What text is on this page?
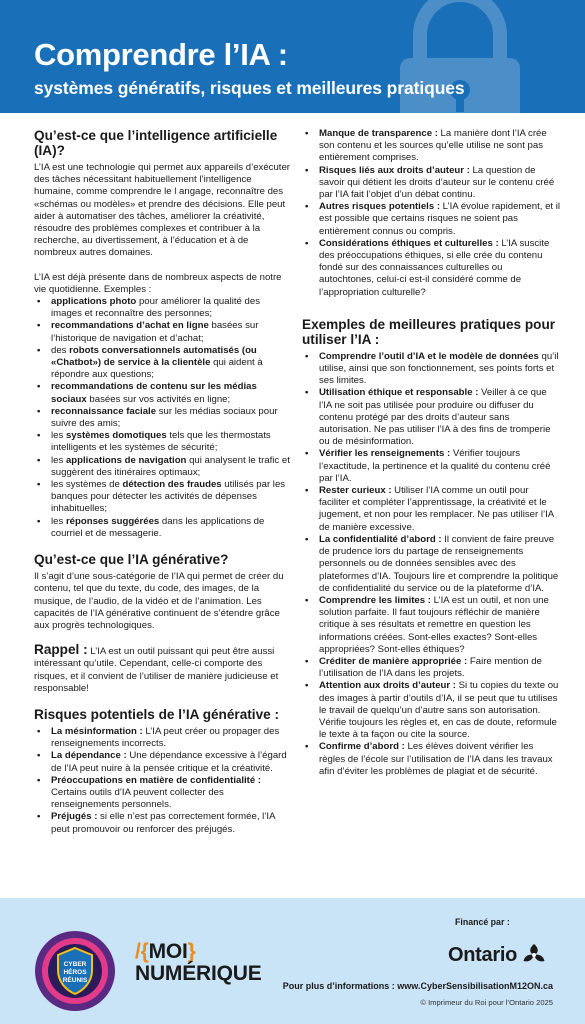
Comprendre l’IA :
systèmes génératifs, risques et meilleures pratiques
Qu’est-ce que l’intelligence artificielle (IA)?

L’IA est une technologie qui permet aux appareils d’exécuter des tâches nécessitant habituellement l’intelligence humaine, comme comprendre le l angage, reconnaître des «schémas ou modèles» et prendre des décisions. Elle peut aider à automatiser des tâches, améliorer la créativité, résoudre des problèmes complexes et contribuer à la recherche, au divertissement, à l’éducation et à de nombreux autres domaines.

L’IA est déjà présente dans de nombreux aspects de notre vie quotidienne. Exemples :

• applications photo pour améliorer la qualité des images et reconnaître des personnes;
• recommandations d’achat en ligne basées sur l’historique de navigation et d’achat;
• des robots conversationnels automatisés (ou «Chatbot») de service à la clientèle qui aident à répondre aux questions;
• recommandations de contenu sur les médias sociaux basées sur vos activités en ligne;
• reconnaissance faciale sur les médias sociaux pour suivre des amis;
• les systèmes domotiques tels que les thermostats intelligents et les systèmes de sécurité;
• les applications de navigation qui analysent le trafic et suggèrent des itinéraires optimaux;
• les systèmes de détection des fraudes utilisés par les banques pour détecter les activités de dépenses inhabituelles;
• les réponses suggérées dans les applications de courriel et de messagerie.
Qu’est-ce que l’IA générative?

Il s’agit d’une sous-catégorie de l’IA qui permet de créer du contenu, tel que du texte, du code, des images, de la musique, de l’audio, de la vidéo et de l’animation. Les capacités de l’IA générative continuent de s’étendre grâce aux progrès technologiques.

Rappel : L’IA est un outil puissant qui peut être aussi intéressant qu’utile. Cependant, celle-ci comporte des risques, et il convient de l’utiliser de manière judicieuse et responsable!

Risques potentiels de l’IA générative :
• La mésinformation : L’IA peut créer ou propager des renseignements incorrects.
• La dépendance : Une dépendance excessive à l’égard de l’IA peut nuire à la pensée critique et la créativité.
• Préoccupations en matière de confidentialité : Certains outils d’IA peuvent collecter des renseignements personnels.
• Préjugés : si elle n’est pas correctement formée, l’IA peut promouvoir ou renforcer des préjugés.
• Manque de transparence : La manière dont l’IA crée son contenu et les sources qu’elle utilise ne sont pas entièrement comprises.
• Risques liés aux droits d’auteur : La question de savoir qui détient les droits d’auteur sur le contenu créé par l’IA fait l’objet d’un débat continu.
• Autres risques potentiels : L’IA évolue rapidement, et il est possible que certains risques ne soient pas entièrement connus ou compris.
• Considérations éthiques et culturelles : L’IA suscite des préoccupations éthiques, si elle crée du contenu fondé sur des connaissances culturelles ou autochtones, celui-ci est-il considéré comme de l’appropriation culturelle?
Exemples de meilleures pratiques pour utiliser l’IA :
• Comprendre l’outil d’IA et le modèle de données qu’il utilise, ainsi que son fonctionnement, ses points forts et ses limites.
• Utilisation éthique et responsable : Veiller à ce que l’IA ne soit pas utilisée pour produire ou diffuser du contenu protégé par des droits d’auteur sans autorisation. Ne pas utiliser l’IA à des fins de tromperie ou de mésinformation.
• Vérifier les renseignements : Vérifier toujours l’exactitude, la pertinence et la qualité du contenu créé par l’IA.
• Rester curieux : Utiliser l’IA comme un outil pour faciliter et compléter l’apprentissage, la créativité et le jugement, et non pour les remplacer. Ne pas utiliser l’IA de manière excessive.
• La confidentialité d’abord : Il convient de faire preuve de prudence lors du partage de renseignements personnels ou de données sensibles avec des plateformes d’IA. Toujours lire et comprendre la politique de confidentialité du service ou de la plateforme d’IA.
• Comprendre les limites : L’IA est un outil, et non une solution parfaite. Il faut toujours réfléchir de manière critique à ses résultats et remettre en question les informations créées. Sont-elles exactes? Sont-elles appropriées? Sont-elles éthiques?
• Créditer de manière appropriée : Faire mention de l’utilisation de l’IA dans les projets.
• Attention aux droits d’auteur : Si tu copies du texte ou des images à partir d’outils d’IA, il se peut que tu utilises le travail de quelqu’un d’autre sans son autorisation. Vérifie toujours les règles et, en cas de doute, reformule le texte à ta façon ou cite la source.
• Confirme d’abord : Les élèves doivent vérifier les règles de l’école sur l’utilisation de l’IA dans les travaux afin d’éviter les problèmes de plagiat et de sécurité.
CYBER
HÉROS
RÉUNIS
/{MOI}
NUMÉRIQUE
Financé par :
Ontario
Pour plus d’informations : www.CyberSensibilisationM12ON.ca
© Imprimeur du Roi pour l’Ontario 2025
